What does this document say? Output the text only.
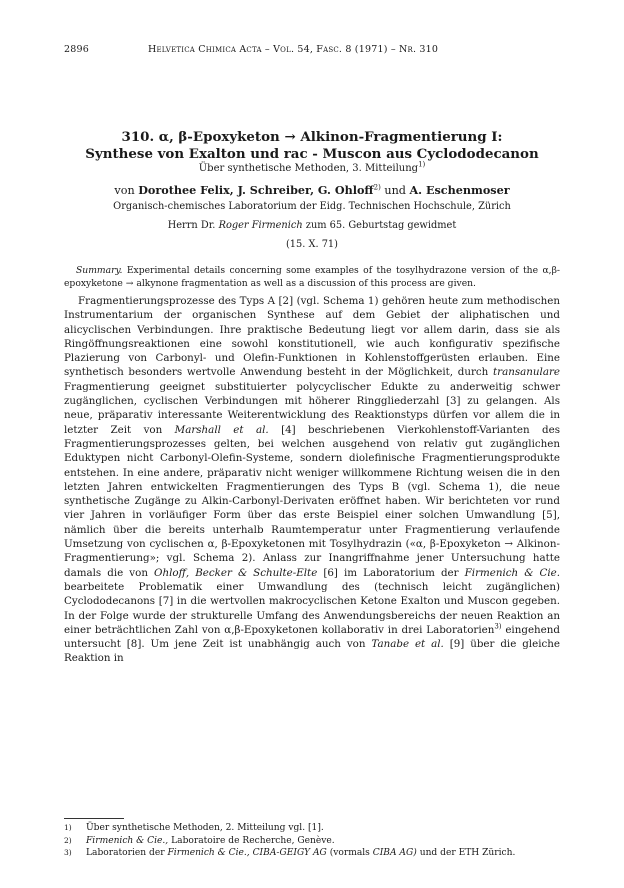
2896	Helvetica Chimica Acta – Vol. 54, Fasc. 8 (1971) – Nr. 310
310. α, β-Epoxyketon → Alkinon-Fragmentierung I:
Synthese von Exalton und rac - Muscon aus Cyclododecanon
Über synthetische Methoden, 3. Mitteilung$^{1)}$
von Dorothee Felix, J. Schreiber, G. Ohloff$^{2)}$ und A. Eschenmoser
Organisch-chemisches Laboratorium der Eidg. Technischen Hochschule, Zürich
Herrn Dr. Roger Firmenich zum 65. Geburtstag gewidmet
(15. X. 71)
Summary. Experimental details concerning some examples of the tosylhydrazone version of the α,β-epoxyketone → alkynone fragmentation as well as a discussion of this process are given.
Fragmentierungsprozesse des Typs A [2] (vgl. Schema 1) gehören heute zum methodischen Instrumentarium der organischen Synthese auf dem Gebiet der aliphatischen und alicyclischen Verbindungen. Ihre praktische Bedeutung liegt vor allem darin, dass sie als Ringöffnungsreaktionen eine sowohl konstitutionell, wie auch konfigurativ spezifische Plazierung von Carbonyl- und Olefin-Funktionen in Kohlenstoffgerüsten erlauben. Eine synthetisch besonders wertvolle Anwendung besteht in der Möglichkeit, durch transanulare Fragmentierung geeignet substituierter polycyclischer Edukte zu anderweitig schwer zugänglichen, cyclischen Verbindungen mit höherer Ringgliederzahl [3] zu gelangen. Als neue, präparativ interessante Weiterentwicklung des Reaktionstyps dürfen vor allem die in letzter Zeit von Marshall et al. [4] beschriebenen Vierkohlenstoff-Varianten des Fragmentierungsprozesses gelten, bei welchen ausgehend von relativ gut zugänglichen Eduktypen nicht Carbonyl-Olefin-Systeme, sondern diolefinische Fragmentierungsprodukte entstehen. In eine andere, präparativ nicht weniger willkommene Richtung weisen die in den letzten Jahren entwickelten Fragmentierungen des Typs B (vgl. Schema 1), die neue synthetische Zugänge zu Alkin-Carbonyl-Derivaten eröffnet haben. Wir berichteten vor rund vier Jahren in vorläufiger Form über das erste Beispiel einer solchen Umwandlung [5], nämlich über die bereits unterhalb Raumtemperatur unter Fragmentierung verlaufende Umsetzung von cyclischen α, β-Epoxyketonen mit Tosylhydrazin («α, β-Epoxyketon → Alkinon-Fragmentierung»; vgl. Schema 2). Anlass zur Inangriffnahme jener Untersuchung hatte damals die von Ohloff, Becker & Schulte-Elte [6] im Laboratorium der Firmenich & Cie. bearbeitete Problematik einer Umwandlung des (technisch leicht zugänglichen) Cyclododecanons [7] in die wertvollen makrocyclischen Ketone Exalton und Muscon gegeben. In der Folge wurde der strukturelle Umfang des Anwendungsbereichs der neuen Reaktion an einer beträchtlichen Zahl von α,β-Epoxyketonen kollaborativ in drei Laboratorien$^{3)}$ eingehend untersucht [8]. Um jene Zeit ist unabhängig auch von Tanabe et al. [9] über die gleiche Reaktion in
1) Über synthetische Methoden, 2. Mitteilung vgl. [1].
2) Firmenich & Cie., Laboratoire de Recherche, Genève.
3) Laboratorien der Firmenich & Cie., CIBA-GEIGY AG (vormals CIBA AG) und der ETH Zürich.
